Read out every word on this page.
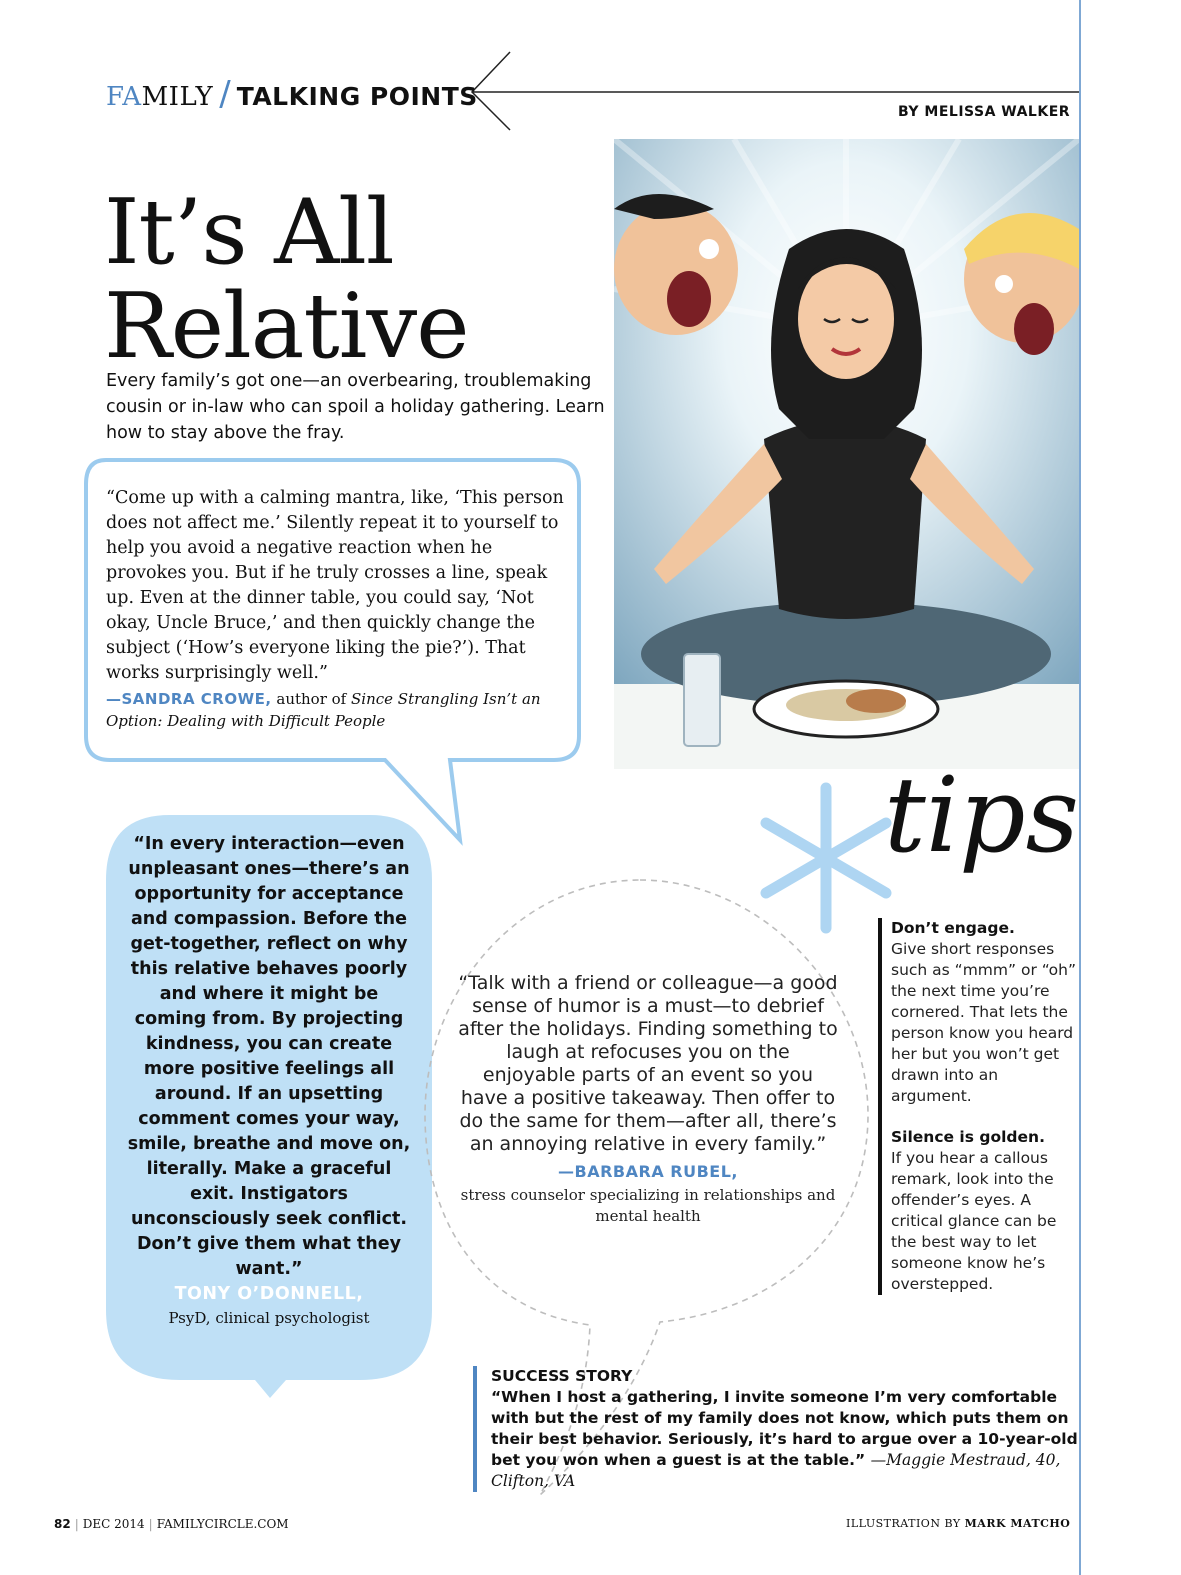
FAMILY / TALKING POINTS
BY MELISSA WALKER
It’s All
Relative
Every family’s got one—an overbearing, troublemaking cousin or in-law who can spoil a holiday gathering. Learn how to stay above the fray.
“Come up with a calming mantra, like, ‘This person does not affect me.’ Silently repeat it to yourself to help you avoid a negative reaction when he provokes you. But if he truly crosses a line, speak up. Even at the dinner table, you could say, ‘Not okay, Uncle Bruce,’ and then quickly change the subject (‘How’s everyone liking the pie?’). That works surprisingly well.”
—SANDRA CROWE, author of Since Strangling Isn’t an Option: Dealing with Difficult People
“In every interaction—even unpleasant ones—there’s an opportunity for acceptance and compassion. Before the get-together, reflect on why this relative behaves poorly and where it might be coming from. By projecting kindness, you can create more positive feelings all around. If an upsetting comment comes your way, smile, breathe and move on, literally. Make a graceful exit. Instigators unconsciously seek conflict. Don’t give them what they want.”
TONY O’DONNELL,
PsyD, clinical psychologist
“Talk with a friend or colleague—a good sense of humor is a must—to debrief after the holidays. Finding something to laugh at refocuses you on the enjoyable parts of an event so you have a positive takeaway. Then offer to do the same for them—after all, there’s an annoying relative in every family.”
—BARBARA RUBEL,
stress counselor specializing in relationships and mental health
tips
Don’t engage.
Give short responses such as “mmm” or “oh” the next time you’re cornered. That lets the person know you heard her but you won’t get drawn into an argument.
Silence is golden.
If you hear a callous remark, look into the offender’s eyes. A critical glance can be the best way to let someone know he’s overstepped.
SUCCESS STORY
“When I host a gathering, I invite someone I’m very comfortable with but the rest of my family does not know, which puts them on their best behavior. Seriously, it’s hard to argue over a 10-year-old bet you won when a guest is at the table.” —Maggie Mestraud, 40, Clifton, VA
82 | DEC 2014 | FAMILYCIRCLE.COM	ILLUSTRATION BY MARK MATCHO
